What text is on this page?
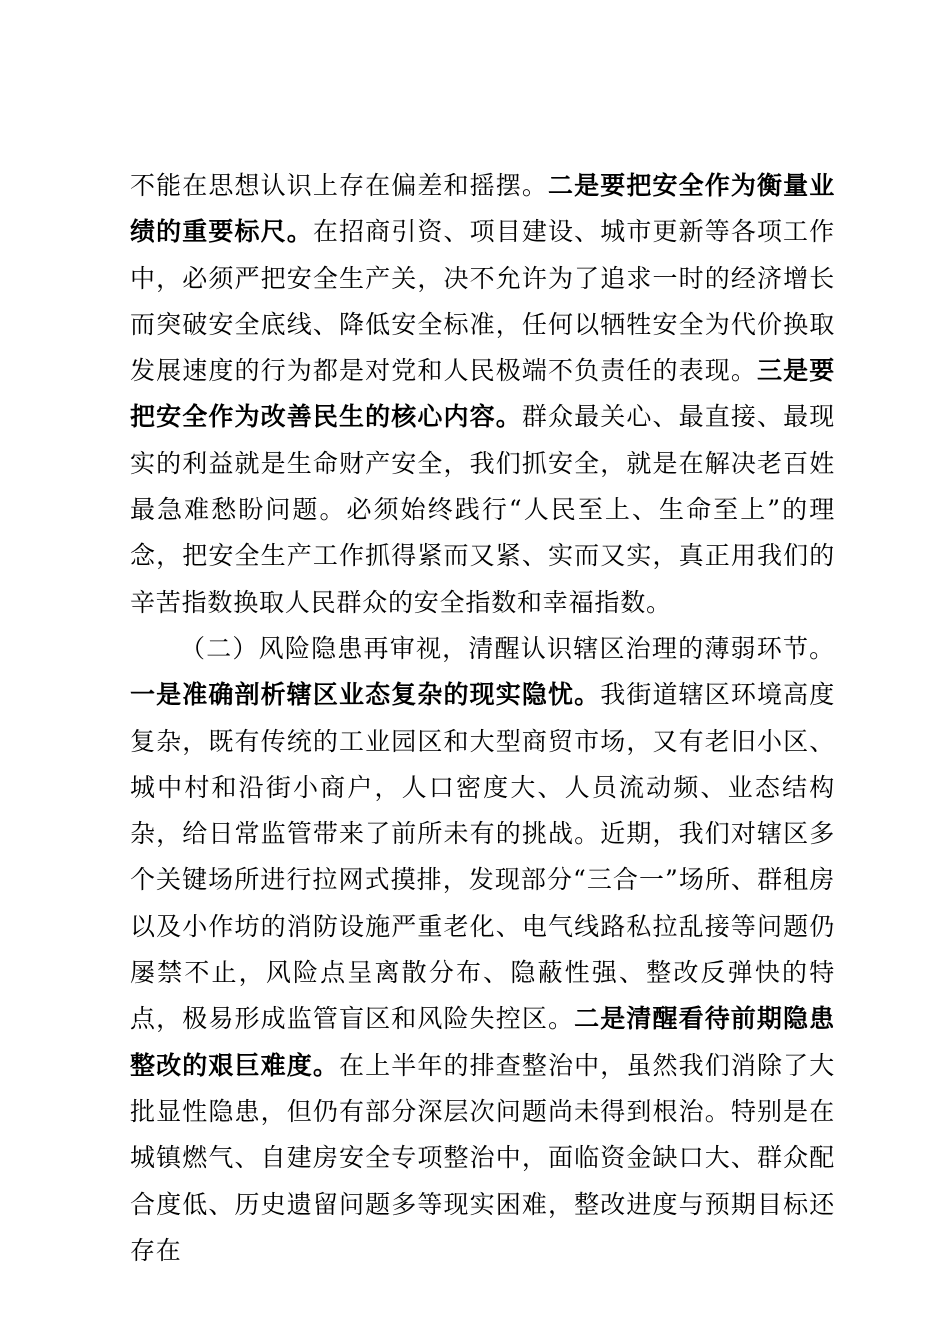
不能在思想认识上存在偏差和摇摆。二是要把安全作为衡量业绩的重要标尺。在招商引资、项目建设、城市更新等各项工作中，必须严把安全生产关，决不允许为了追求一时的经济增长而突破安全底线、降低安全标准，任何以牺牲安全为代价换取发展速度的行为都是对党和人民极端不负责任的表现。三是要把安全作为改善民生的核心内容。群众最关心、最直接、最现实的利益就是生命财产安全，我们抓安全，就是在解决老百姓最急难愁盼问题。必须始终践行“人民至上、生命至上”的理念，把安全生产工作抓得紧而又紧、实而又实，真正用我们的辛苦指数换取人民群众的安全指数和幸福指数。

（二）风险隐患再审视，清醒认识辖区治理的薄弱环节。一是准确剖析辖区业态复杂的现实隐忧。我街道辖区环境高度复杂，既有传统的工业园区和大型商贸市场，又有老旧小区、城中村和沿街小商户，人口密度大、人员流动频、业态结构杂，给日常监管带来了前所未有的挑战。近期，我们对辖区多个关键场所进行拉网式摸排，发现部分“三合一”场所、群租房以及小作坊的消防设施严重老化、电气线路私拉乱接等问题仍屡禁不止，风险点呈离散分布、隐蔽性强、整改反弹快的特点，极易形成监管盲区和风险失控区。二是清醒看待前期隐患整改的艰巨难度。在上半年的排查整治中，虽然我们消除了大批显性隐患，但仍有部分深层次问题尚未得到根治。特别是在城镇燃气、自建房安全专项整治中，面临资金缺口大、群众配合度低、历史遗留问题多等现实困难，整改进度与预期目标还存在
